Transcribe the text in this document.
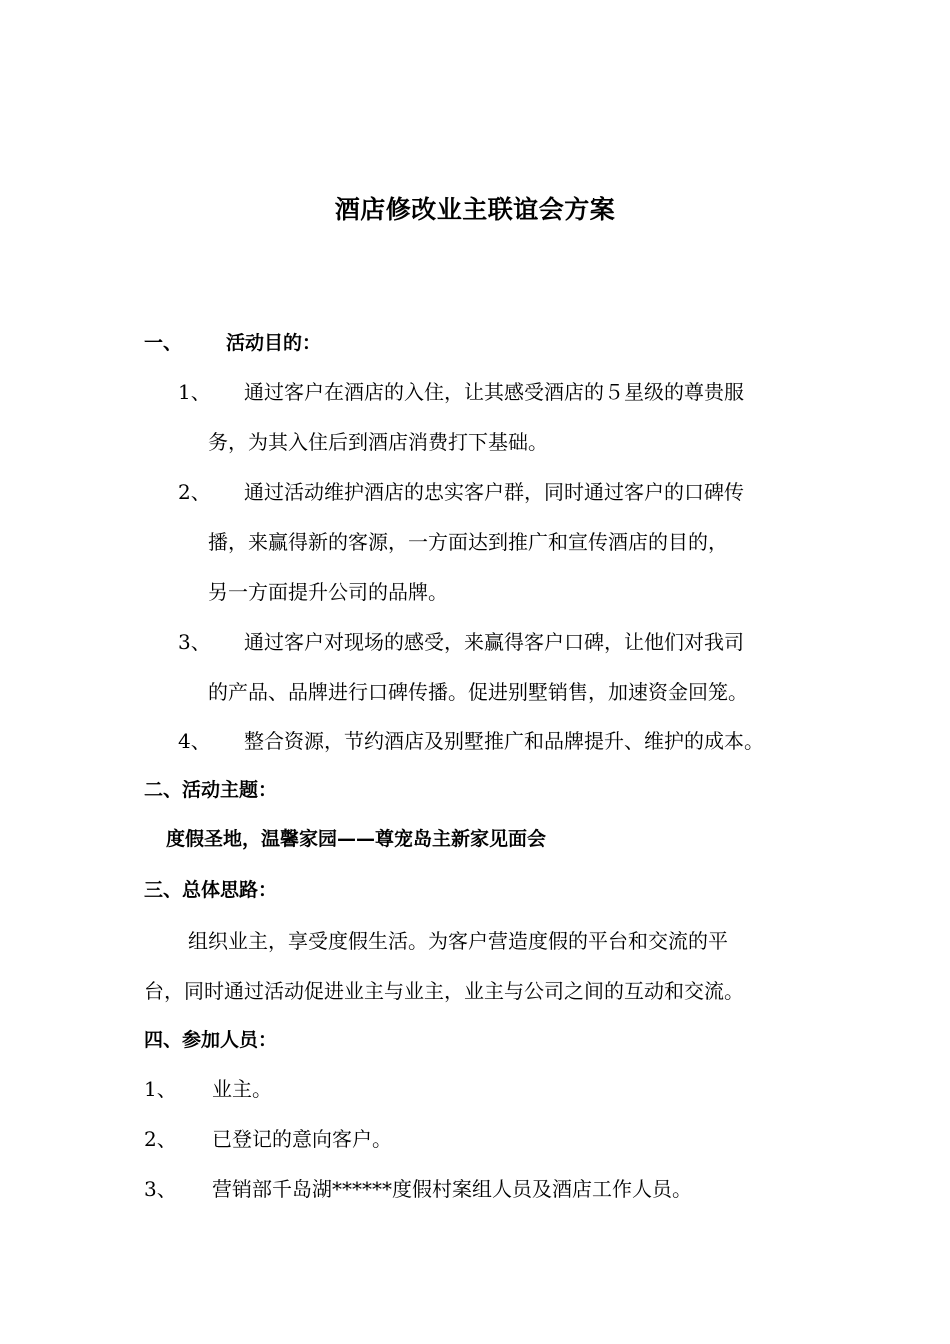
酒店修改业主联谊会方案
一、 活动目的：
1、 通过客户在酒店的入住，让其感受酒店的５星级的尊贵服
务，为其入住后到酒店消费打下基础。
2、 通过活动维护酒店的忠实客户群，同时通过客户的口碑传
播，来赢得新的客源，一方面达到推广和宣传酒店的目的，
另一方面提升公司的品牌。
3、 通过客户对现场的感受，来赢得客户口碑，让他们对我司
的产品、品牌进行口碑传播。促进别墅销售，加速资金回笼。
4、 整合资源，节约酒店及别墅推广和品牌提升、维护的成本。
二、活动主题：
度假圣地，温馨家园——尊宠岛主新家见面会
三、总体思路：
组织业主，享受度假生活。为客户营造度假的平台和交流的平
台，同时通过活动促进业主与业主，业主与公司之间的互动和交流。
四、参加人员：
1、 业主。
2、 已登记的意向客户。
3、 营销部千岛湖******度假村案组人员及酒店工作人员。
